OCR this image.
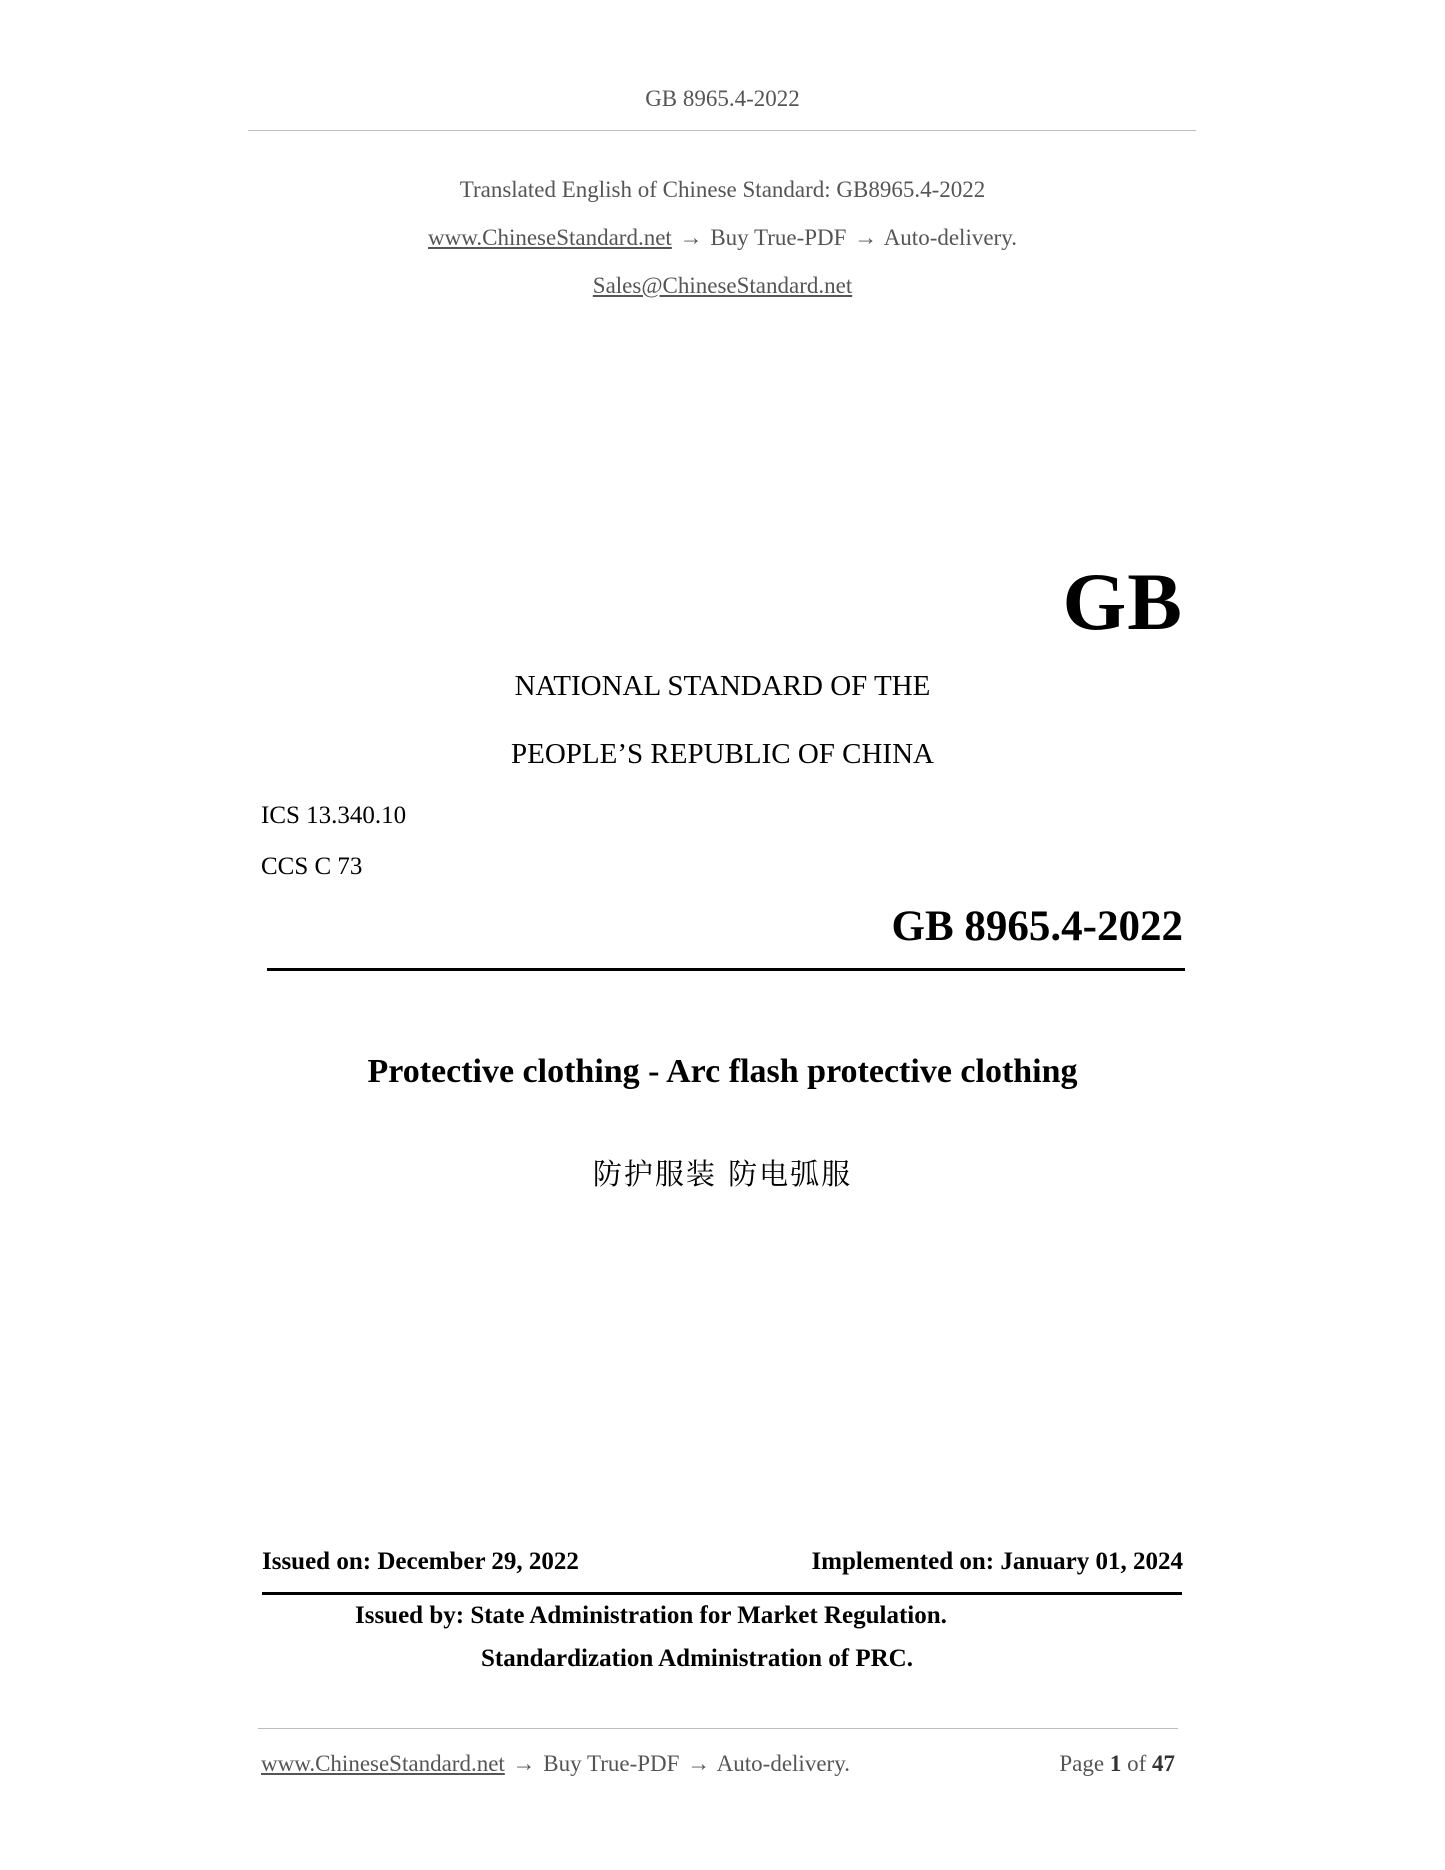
GB 8965.4-2022
Translated English of Chinese Standard: GB8965.4-2022
www.ChineseStandard.net → Buy True-PDF → Auto-delivery.
Sales@ChineseStandard.net
GB
NATIONAL STANDARD OF THE
PEOPLE’S REPUBLIC OF CHINA
ICS 13.340.10
CCS C 73
GB 8965.4-2022
Protective clothing - Arc flash protective clothing
防护服装 防电弧服
Issued on: December 29, 2022	Implemented on: January 01, 2024
Issued by: State Administration for Market Regulation.
Standardization Administration of PRC.
www.ChineseStandard.net → Buy True-PDF → Auto-delivery.	Page 1 of 47
